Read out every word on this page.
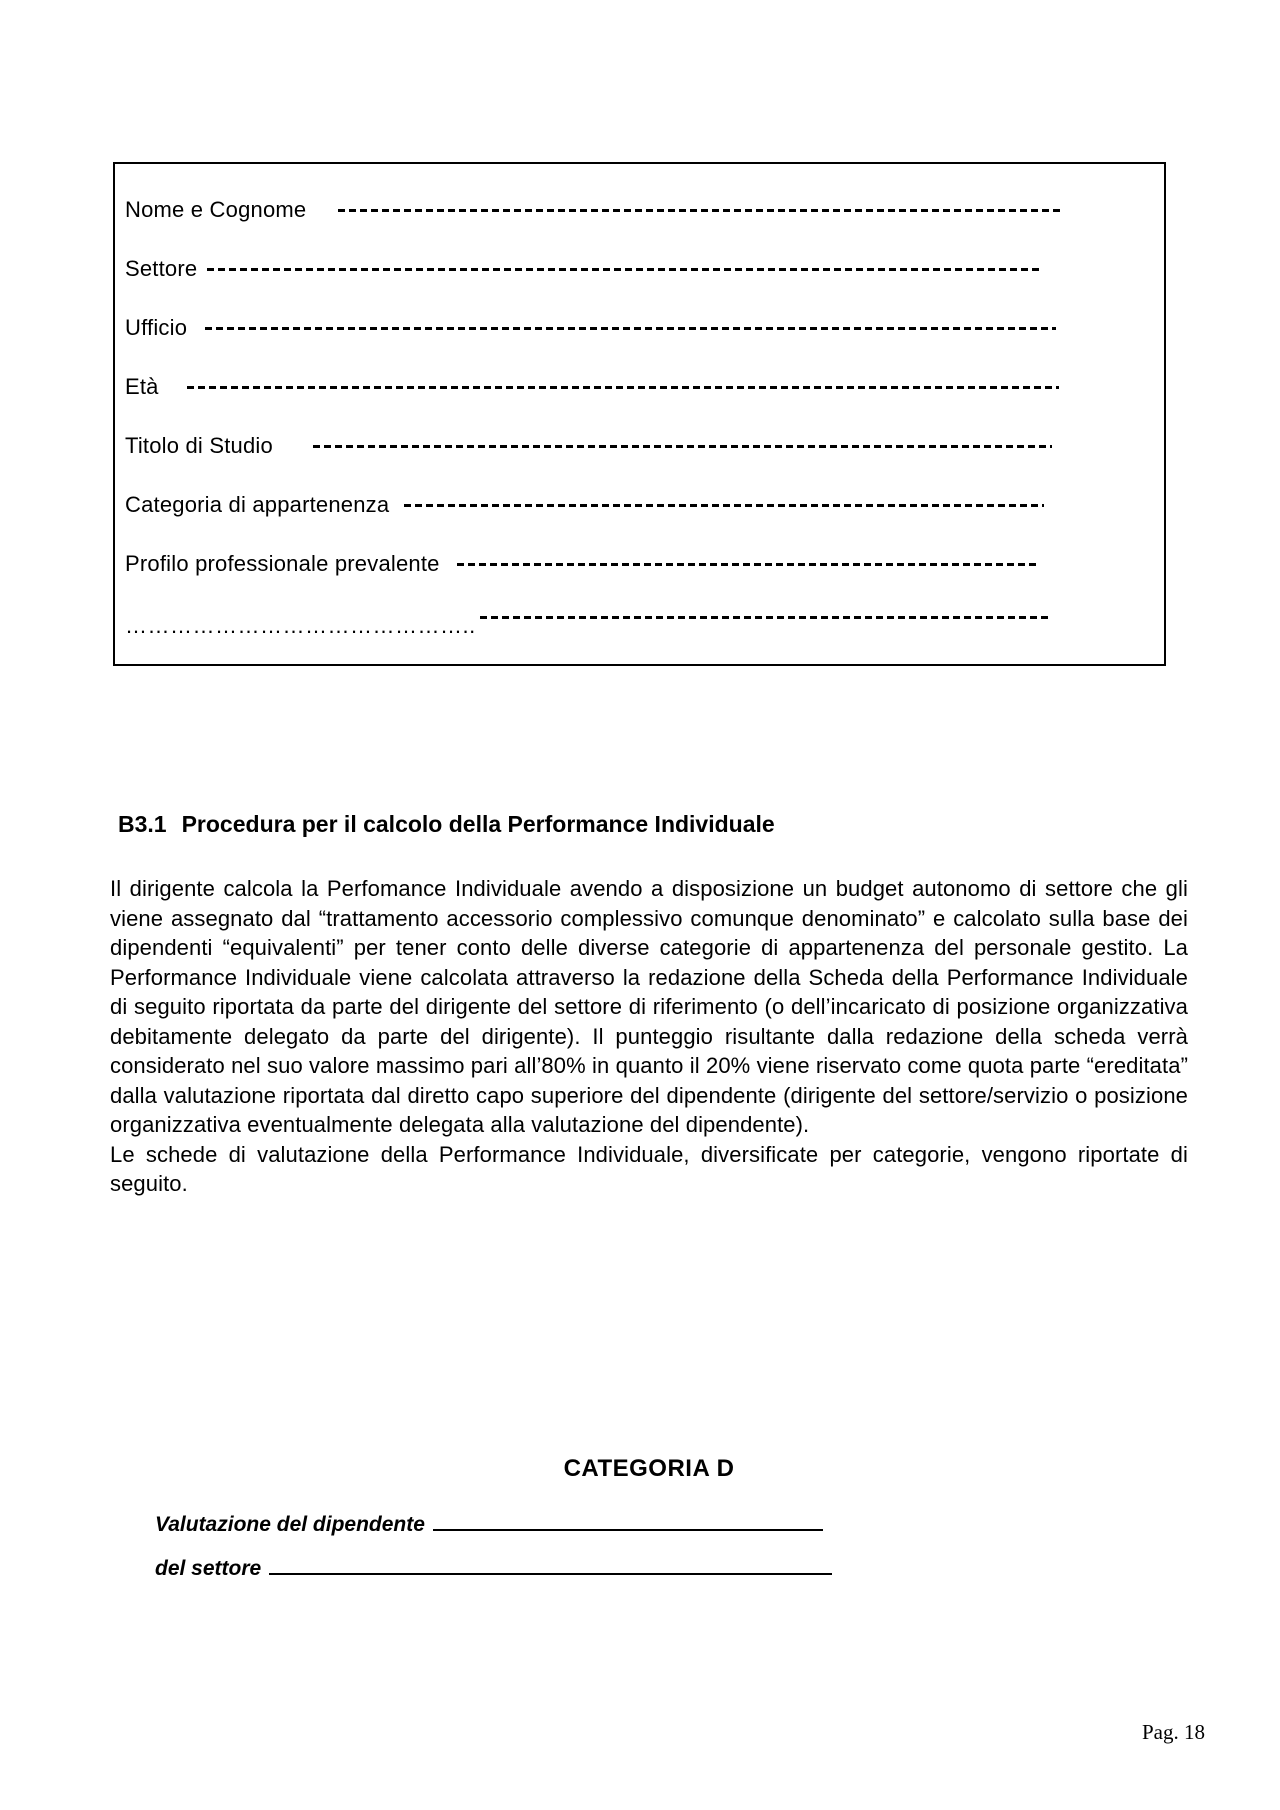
Nome e Cognome
Settore
Ufficio
Età
Titolo di Studio
Categoria di appartenenza
Profilo professionale prevalente
………………………………………..
B3.1 Procedura per il calcolo della Performance Individuale

Il dirigente calcola la Perfomance Individuale avendo a disposizione un budget autonomo di settore che gli viene assegnato dal “trattamento accessorio complessivo comunque denominato” e calcolato sulla base dei dipendenti “equivalenti” per tener conto delle diverse categorie di appartenenza del personale gestito. La Performance Individuale viene calcolata attraverso la redazione della Scheda della Performance Individuale di seguito riportata da parte del dirigente del settore di riferimento (o dell’incaricato di posizione organizzativa debitamente delegato da parte del dirigente). Il punteggio risultante dalla redazione della scheda verrà considerato nel suo valore massimo pari all’80% in quanto il 20% viene riservato come quota parte “ereditata” dalla valutazione riportata dal diretto capo superiore del dipendente (dirigente del settore/servizio o posizione organizzativa eventualmente delegata alla valutazione del dipendente).

Le schede di valutazione della Performance Individuale, diversificate per categorie, vengono riportate di seguito.

CATEGORIA D
Valutazione del dipendente
del settore
Pag. 18
